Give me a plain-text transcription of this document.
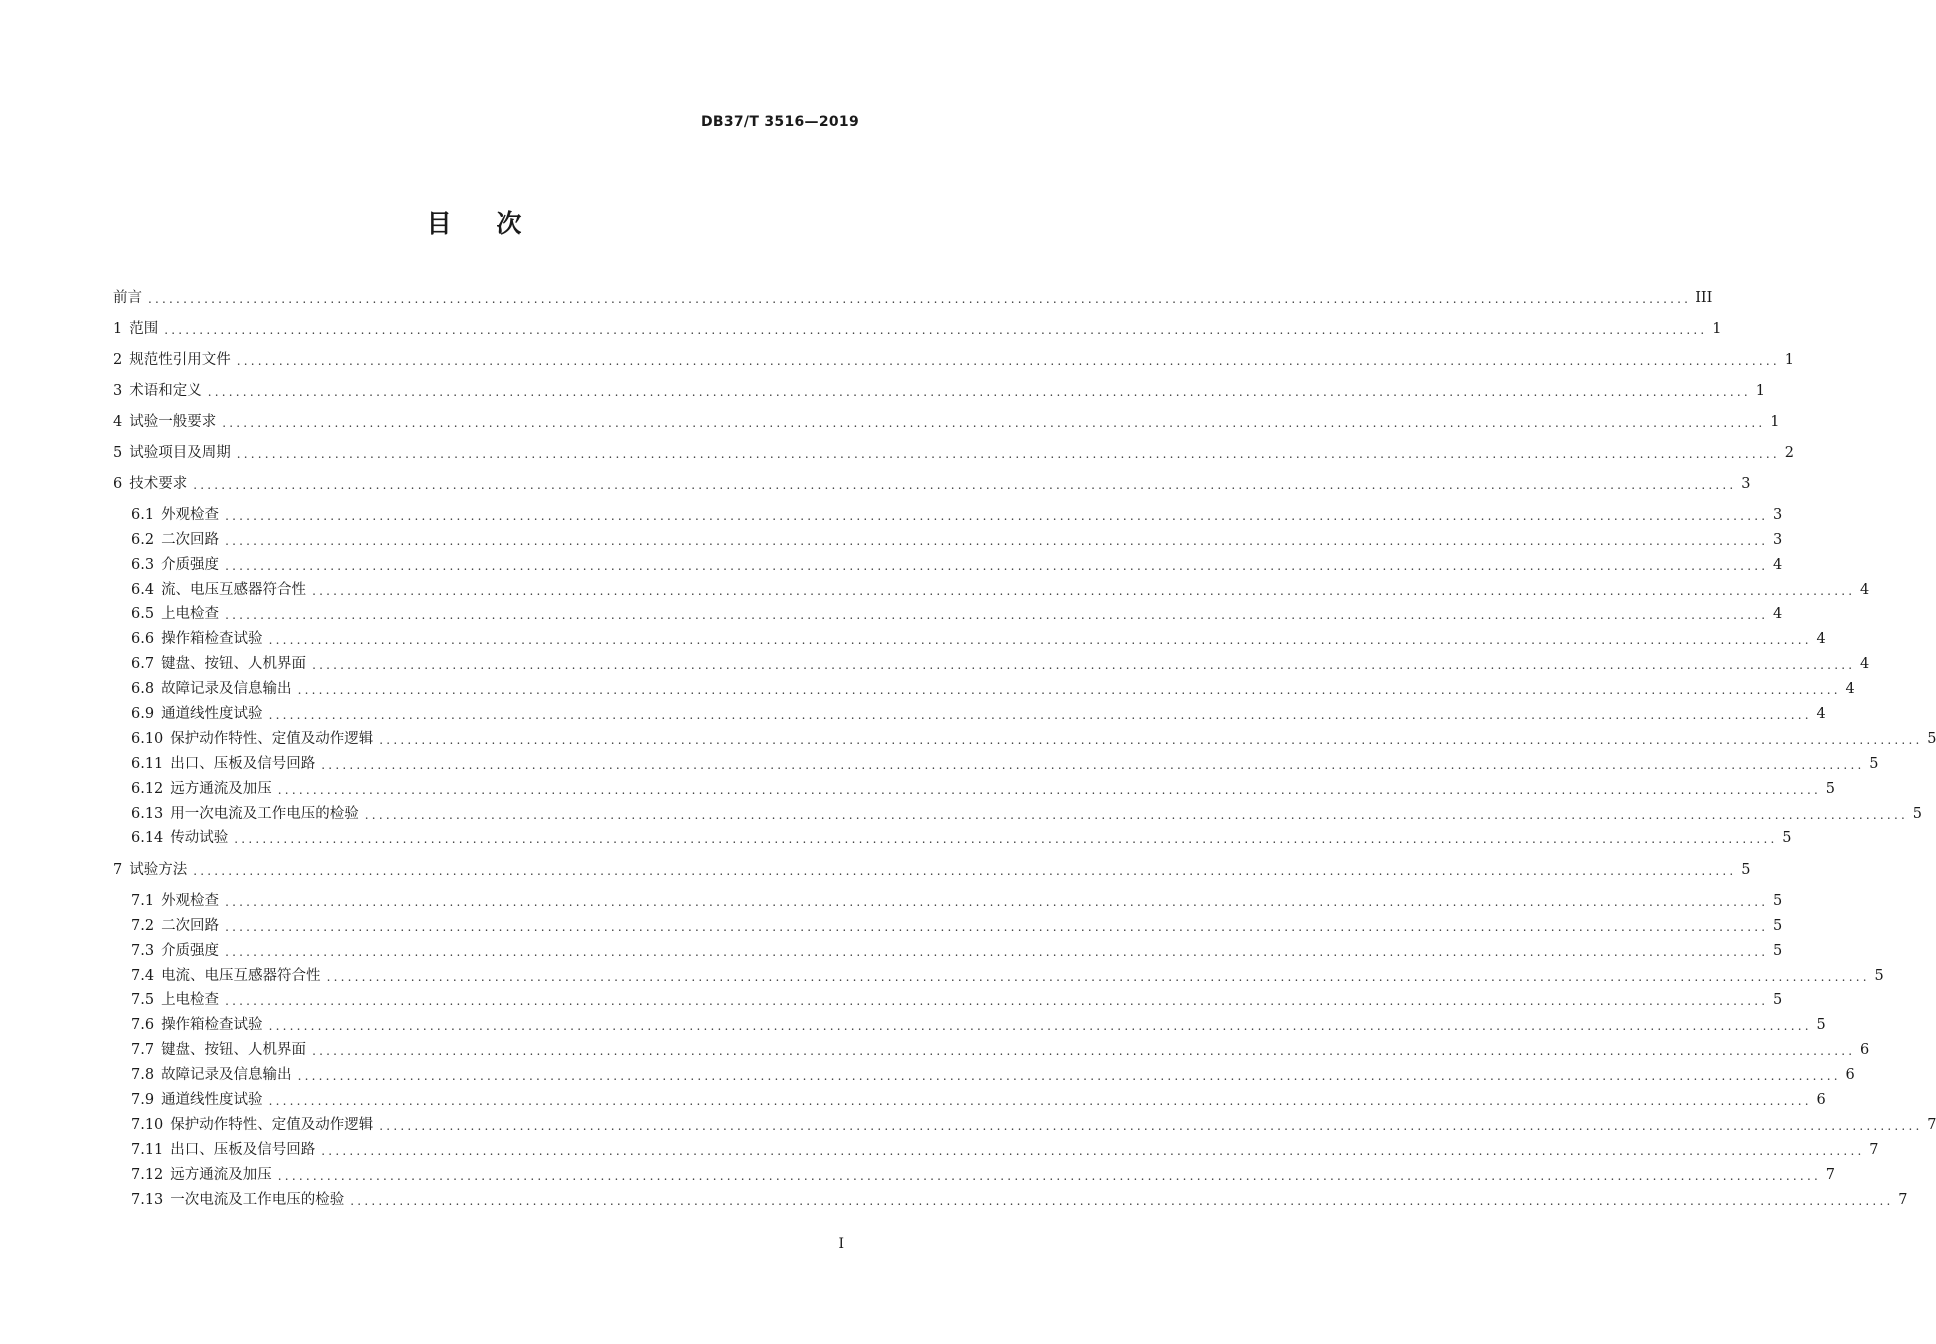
DB37/T 3516—2019
目    次
前言 ............................................................................................................................................................................................................................ III
1 范围 ............................................................................................................................................................................................................................ 1
2 规范性引用文件 ............................................................................................................................................................................................................................ 1
3 术语和定义 ............................................................................................................................................................................................................................ 1
4 试验一般要求 ............................................................................................................................................................................................................................ 1
5 试验项目及周期 ............................................................................................................................................................................................................................ 2
6 技术要求 ............................................................................................................................................................................................................................ 3
6.1 外观检查 ............................................................................................................................................................................................................................ 3
6.2 二次回路 ............................................................................................................................................................................................................................ 3
6.3 介质强度 ............................................................................................................................................................................................................................ 4
6.4 流、电压互感器符合性 ............................................................................................................................................................................................................................ 4
6.5 上电检查 ............................................................................................................................................................................................................................ 4
6.6 操作箱检查试验 ............................................................................................................................................................................................................................ 4
6.7 键盘、按钮、人机界面 ............................................................................................................................................................................................................................ 4
6.8 故障记录及信息输出 ............................................................................................................................................................................................................................ 4
6.9 通道线性度试验 ............................................................................................................................................................................................................................ 4
6.10 保护动作特性、定值及动作逻辑 ............................................................................................................................................................................................................................ 5
6.11 出口、压板及信号回路 ............................................................................................................................................................................................................................ 5
6.12 远方通流及加压 ............................................................................................................................................................................................................................ 5
6.13 用一次电流及工作电压的检验 ............................................................................................................................................................................................................................ 5
6.14 传动试验 ............................................................................................................................................................................................................................ 5
7 试验方法 ............................................................................................................................................................................................................................ 5
7.1 外观检查 ............................................................................................................................................................................................................................ 5
7.2 二次回路 ............................................................................................................................................................................................................................ 5
7.3 介质强度 ............................................................................................................................................................................................................................ 5
7.4 电流、电压互感器符合性 ............................................................................................................................................................................................................................ 5
7.5 上电检查 ............................................................................................................................................................................................................................ 5
7.6 操作箱检查试验 ............................................................................................................................................................................................................................ 5
7.7 键盘、按钮、人机界面 ............................................................................................................................................................................................................................ 6
7.8 故障记录及信息输出 ............................................................................................................................................................................................................................ 6
7.9 通道线性度试验 ............................................................................................................................................................................................................................ 6
7.10 保护动作特性、定值及动作逻辑 ............................................................................................................................................................................................................................ 7
7.11 出口、压板及信号回路 ............................................................................................................................................................................................................................ 7
7.12 远方通流及加压 ............................................................................................................................................................................................................................ 7
7.13 一次电流及工作电压的检验 ............................................................................................................................................................................................................................ 7
I
